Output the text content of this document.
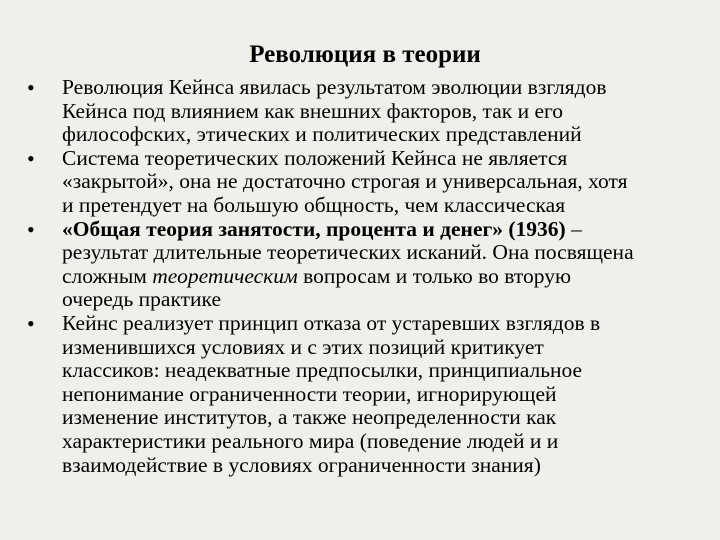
Революция в теории
• Революция Кейнса явилась результатом эволюции взглядов
Кейнса под влиянием как внешних факторов, так и его
философских, этических и политических представлений
• Система теоретических положений Кейнса не является
«закрытой», она не достаточно строгая и универсальная, хотя
и претендует на большую общность, чем классическая
• «Общая теория занятости, процента и денег» (1936) –
результат длительные теоретических исканий. Она посвящена
сложным теоретическим вопросам и только во вторую
очередь практике
• Кейнс реализует принцип отказа от устаревших взглядов в
изменившихся условиях и с этих позиций критикует
классиков: неадекватные предпосылки, принципиальное
непонимание ограниченности теории, игнорирующей
изменение институтов, а также неопределенности как
характеристики реального мира (поведение людей и и
взаимодействие в условиях ограниченности знания)
